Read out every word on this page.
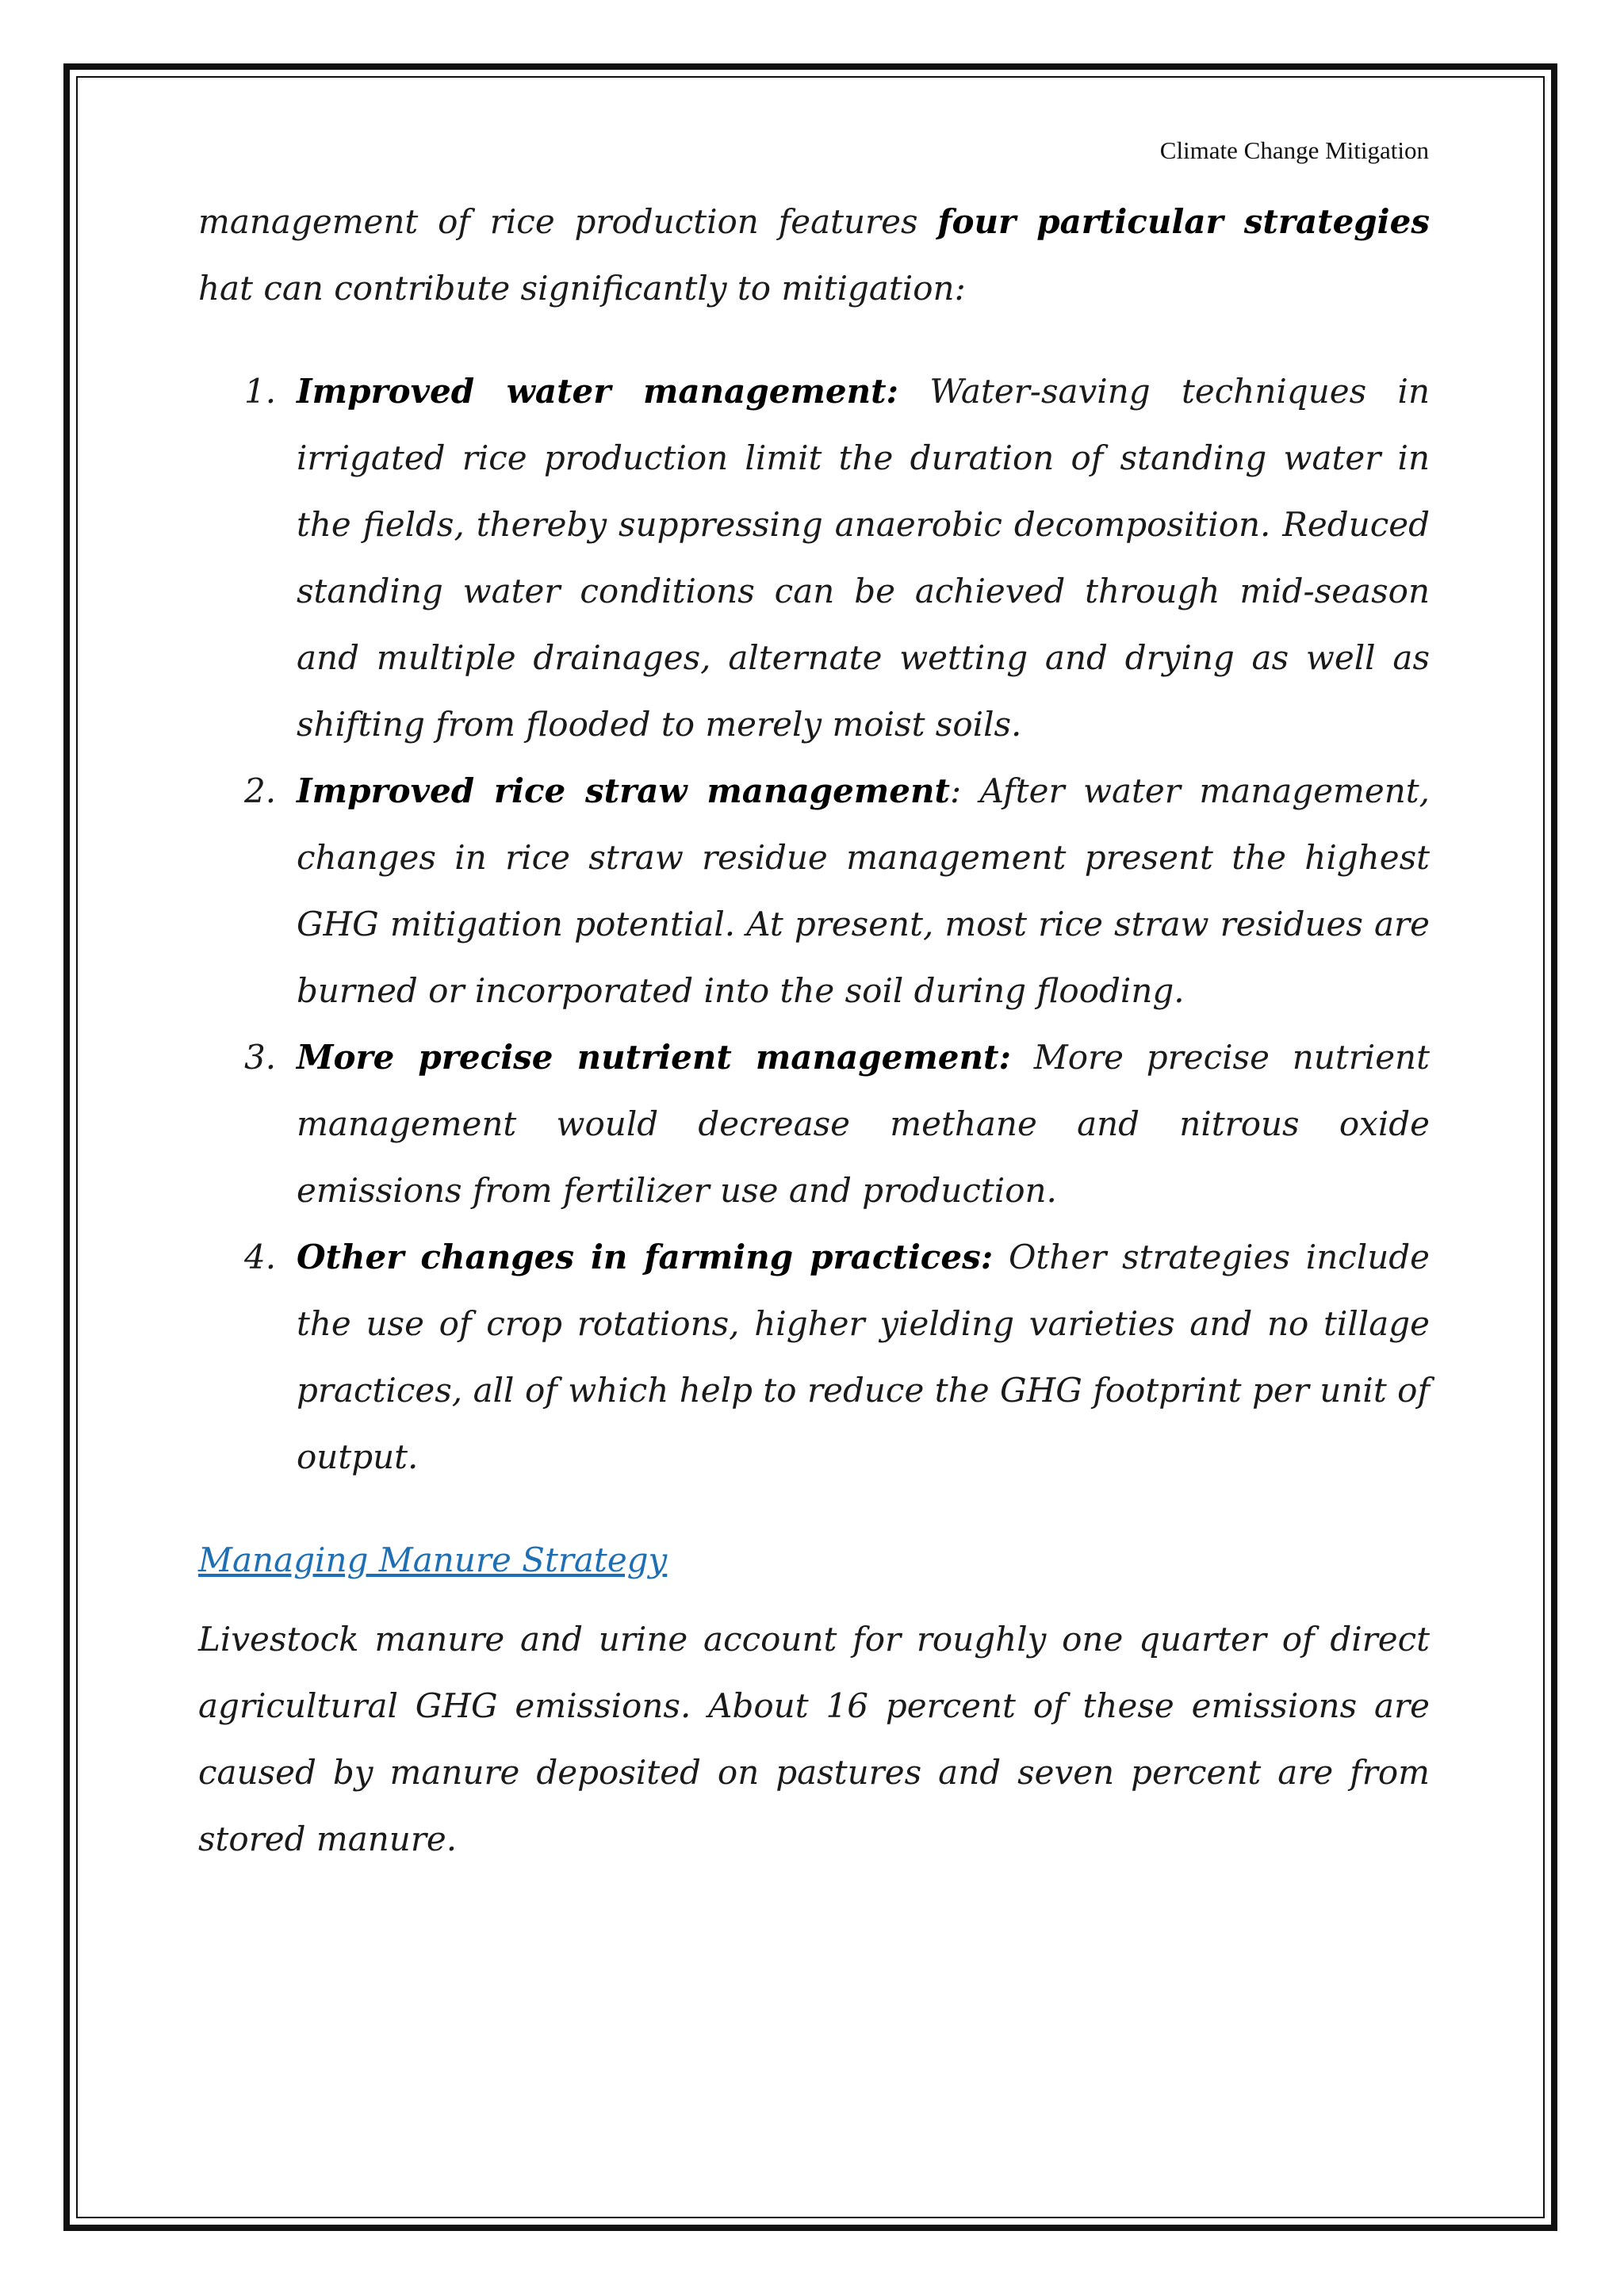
Climate Change Mitigation

management of rice production features four particular strategies hat can contribute significantly to mitigation:

1. Improved water management: Water-saving techniques in irrigated rice production limit the duration of standing water in the fields, thereby suppressing anaerobic decomposition. Reduced standing water conditions can be achieved through mid-season and multiple drainages, alternate wetting and drying as well as shifting from flooded to merely moist soils.
2. Improved rice straw management: After water management, changes in rice straw residue management present the highest GHG mitigation potential. At present, most rice straw residues are burned or incorporated into the soil during flooding.
3. More precise nutrient management: More precise nutrient management would decrease methane and nitrous oxide emissions from fertilizer use and production.
4. Other changes in farming practices: Other strategies include the use of crop rotations, higher yielding varieties and no tillage practices, all of which help to reduce the GHG footprint per unit of output.
Managing Manure Strategy

Livestock manure and urine account for roughly one quarter of direct agricultural GHG emissions. About 16 percent of these emissions are caused by manure deposited on pastures and seven percent are from stored manure.
